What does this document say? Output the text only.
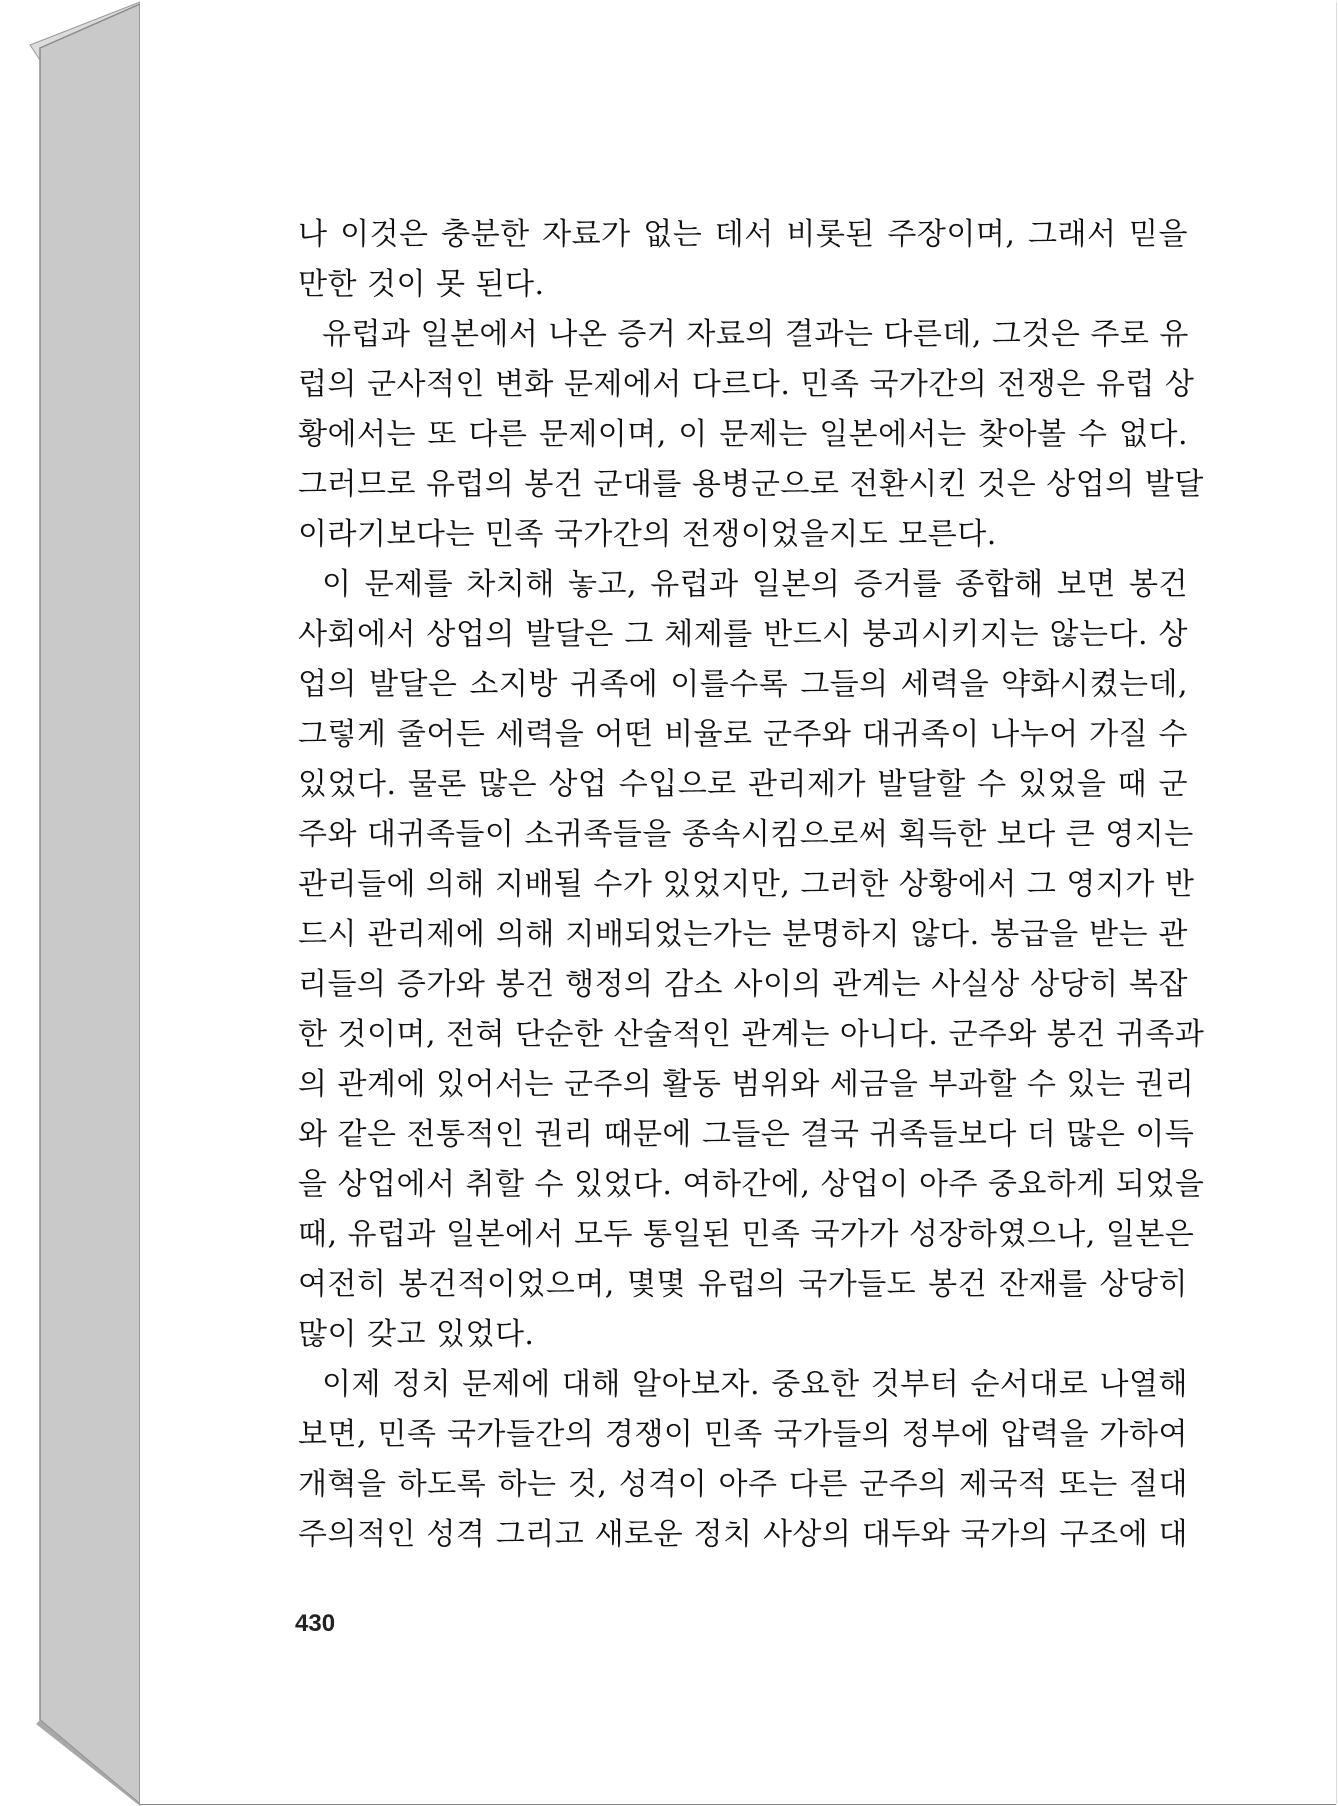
나 이것은 충분한 자료가 없는 데서 비롯된 주장이며, 그래서 믿을
만한 것이 못 된다.
유럽과 일본에서 나온 증거 자료의 결과는 다른데, 그것은 주로 유
럽의 군사적인 변화 문제에서 다르다. 민족 국가간의 전쟁은 유럽 상
황에서는 또 다른 문제이며, 이 문제는 일본에서는 찾아볼 수 없다.
그러므로 유럽의 봉건 군대를 용병군으로 전환시킨 것은 상업의 발달
이라기보다는 민족 국가간의 전쟁이었을지도 모른다.
이 문제를 차치해 놓고, 유럽과 일본의 증거를 종합해 보면 봉건
사회에서 상업의 발달은 그 체제를 반드시 붕괴시키지는 않는다. 상
업의 발달은 소지방 귀족에 이를수록 그들의 세력을 약화시켰는데,
그렇게 줄어든 세력을 어떤 비율로 군주와 대귀족이 나누어 가질 수
있었다. 물론 많은 상업 수입으로 관리제가 발달할 수 있었을 때 군
주와 대귀족들이 소귀족들을 종속시킴으로써 획득한 보다 큰 영지는
관리들에 의해 지배될 수가 있었지만, 그러한 상황에서 그 영지가 반
드시 관리제에 의해 지배되었는가는 분명하지 않다. 봉급을 받는 관
리들의 증가와 봉건 행정의 감소 사이의 관계는 사실상 상당히 복잡
한 것이며, 전혀 단순한 산술적인 관계는 아니다. 군주와 봉건 귀족과
의 관계에 있어서는 군주의 활동 범위와 세금을 부과할 수 있는 권리
와 같은 전통적인 권리 때문에 그들은 결국 귀족들보다 더 많은 이득
을 상업에서 취할 수 있었다. 여하간에, 상업이 아주 중요하게 되었을
때, 유럽과 일본에서 모두 통일된 민족 국가가 성장하였으나, 일본은
여전히 봉건적이었으며, 몇몇 유럽의 국가들도 봉건 잔재를 상당히
많이 갖고 있었다.
이제 정치 문제에 대해 알아보자. 중요한 것부터 순서대로 나열해
보면, 민족 국가들간의 경쟁이 민족 국가들의 정부에 압력을 가하여
개혁을 하도록 하는 것, 성격이 아주 다른 군주의 제국적 또는 절대
주의적인 성격 그리고 새로운 정치 사상의 대두와 국가의 구조에 대
430
